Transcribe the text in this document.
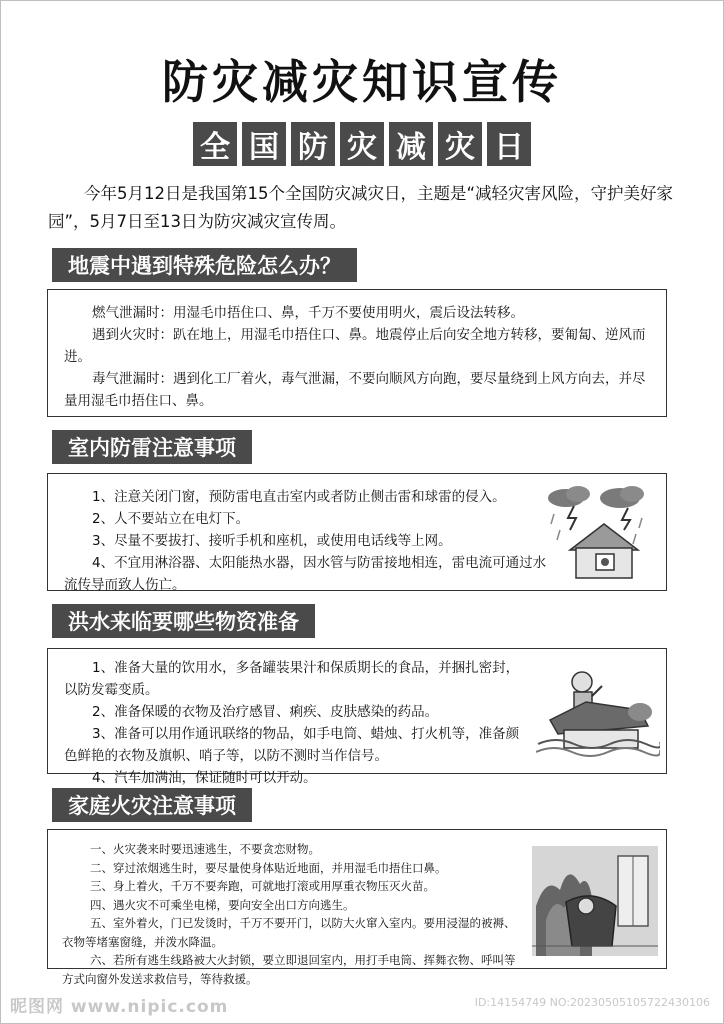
防灾减灾知识宣传
全 国 防 灾 减 灾 日

今年5月12日是我国第15个全国防灾减灾日，主题是“减轻灾害风险，守护美好家园”，5月7日至13日为防灾减灾宣传周。

地震中遇到特殊危险怎么办？

燃气泄漏时：用湿毛巾捂住口、鼻，千万不要使用明火，震后设法转移。

遇到火灾时：趴在地上，用湿毛巾捂住口、鼻。地震停止后向安全地方转移，要匍匐、逆风而进。

毒气泄漏时：遇到化工厂着火，毒气泄漏，不要向顺风方向跑，要尽量绕到上风方向去，并尽量用湿毛巾捂住口、鼻。

室内防雷注意事项

1、注意关闭门窗，预防雷电直击室内或者防止侧击雷和球雷的侵入。

2、人不要站立在电灯下。

3、尽量不要拔打、接听手机和座机，或使用电话线等上网。

4、不宜用淋浴器、太阳能热水器，因水管与防雷接地相连，雷电流可通过水流传导而致人伤亡。

洪水来临要哪些物资准备

1、准备大量的饮用水，多备罐装果汁和保质期长的食品，并捆扎密封，以防发霉变质。

2、准备保暖的衣物及治疗感冒、痢疾、皮肤感染的药品。

3、准备可以用作通讯联络的物品，如手电筒、蜡烛、打火机等，准备颜色鲜艳的衣物及旗帜、哨子等，以防不测时当作信号。

4、汽车加满油，保证随时可以开动。

家庭火灾注意事项

一、火灾袭来时要迅速逃生，不要贪恋财物。

二、穿过浓烟逃生时，要尽量使身体贴近地面，并用湿毛巾捂住口鼻。

三、身上着火，千万不要奔跑，可就地打滚或用厚重衣物压灭火苗。

四、遇火灾不可乘坐电梯，要向安全出口方向逃生。

五、室外着火，门已发烫时，千万不要开门，以防大火窜入室内。要用浸湿的被褥、衣物等堵塞窗缝，并泼水降温。

六、若所有逃生线路被大火封锁，要立即退回室内，用打手电筒、挥舞衣物、呼叫等方式向窗外发送求救信号，等待救援。

昵图网 www.nipic.com	ID:14154749 NO:20230505105722430106
